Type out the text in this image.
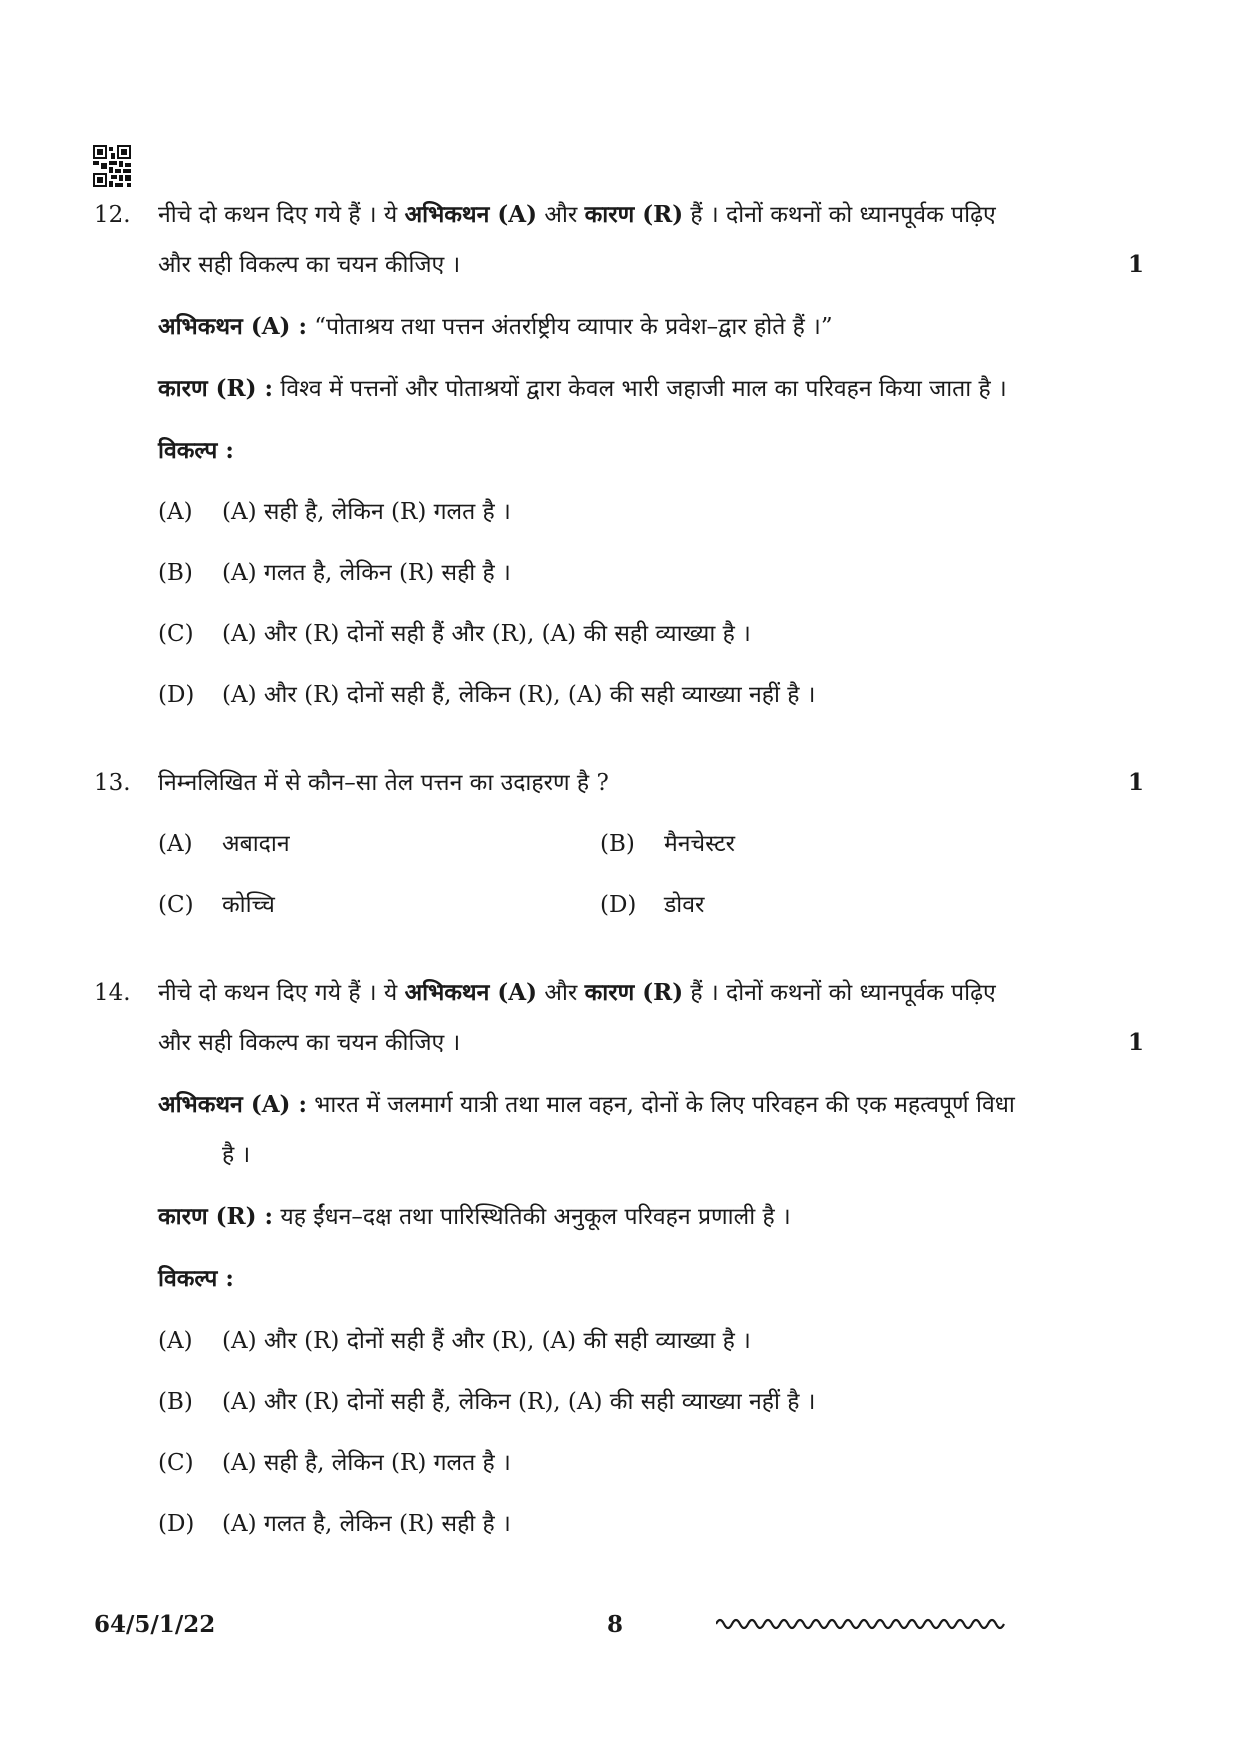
12. नीचे दो कथन दिए गये हैं । ये अभिकथन (A) और कारण (R) हैं । दोनों कथनों को ध्यानपूर्वक पढ़िए
और सही विकल्प का चयन कीजिए ।	1
अभिकथन (A) : “पोताश्रय तथा पत्तन अंतर्राष्ट्रीय व्यापार के प्रवेश–द्वार होते हैं ।”
कारण (R) : विश्व में पत्तनों और पोताश्रयों द्वारा केवल भारी जहाजी माल का परिवहन किया जाता है ।
विकल्प :
(A) (A) सही है, लेकिन (R) गलत है ।
(B) (A) गलत है, लेकिन (R) सही है ।
(C) (A) और (R) दोनों सही हैं और (R), (A) की सही व्याख्या है ।
(D) (A) और (R) दोनों सही हैं, लेकिन (R), (A) की सही व्याख्या नहीं है ।
13. निम्नलिखित में से कौन–सा तेल पत्तन का उदाहरण है ?	1
(A) अबादान	(B) मैनचेस्टर
(C) कोच्चि	(D) डोवर
14. नीचे दो कथन दिए गये हैं । ये अभिकथन (A) और कारण (R) हैं । दोनों कथनों को ध्यानपूर्वक पढ़िए
और सही विकल्प का चयन कीजिए ।	1
अभिकथन (A) : भारत में जलमार्ग यात्री तथा माल वहन, दोनों के लिए परिवहन की एक महत्वपूर्ण विधा
है ।
कारण (R) : यह ईंधन–दक्ष तथा पारिस्थितिकी अनुकूल परिवहन प्रणाली है ।
विकल्प :
(A) (A) और (R) दोनों सही हैं और (R), (A) की सही व्याख्या है ।
(B) (A) और (R) दोनों सही हैं, लेकिन (R), (A) की सही व्याख्या नहीं है ।
(C) (A) सही है, लेकिन (R) गलत है ।
(D) (A) गलत है, लेकिन (R) सही है ।
64/5/1/22	8
